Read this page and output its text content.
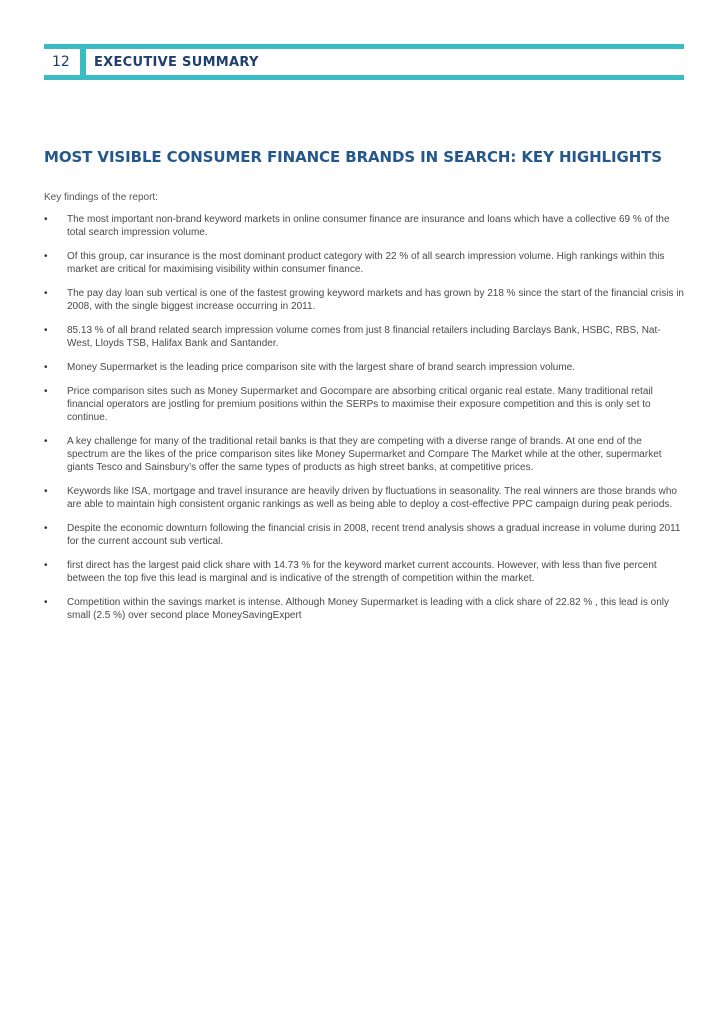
12 EXECUTIVE SUMMARY
MOST VISIBLE CONSUMER FINANCE BRANDS IN SEARCH: KEY HIGHLIGHTS
Key findings of the report:
• The most important non-brand keyword markets in online consumer finance are insurance and loans which have a collective 69 % of the total search impression volume.
• Of this group, car insurance is the most dominant product category with 22 % of all search impression volume. High rankings within this market are critical for maximising visibility within consumer finance.
• The pay day loan sub vertical is one of the fastest growing keyword markets and has grown by 218 % since the start of the financial crisis in 2008, with the single biggest increase occurring in 2011.
• 85.13 % of all brand related search impression volume comes from just 8 financial retailers including Barclays Bank, HSBC, RBS, Nat-West, Lloyds TSB, Halifax Bank and Santander.
• Money Supermarket is the leading price comparison site with the largest share of brand search impression volume.
• Price comparison sites such as Money Supermarket and Gocompare are absorbing critical organic real estate. Many traditional retail financial operators are jostling for premium positions within the SERPs to maximise their exposure competition and this is only set to continue.
• A key challenge for many of the traditional retail banks is that they are competing with a diverse range of brands. At one end of the spectrum are the likes of the price comparison sites like Money Supermarket and Compare The Market while at the other, supermarket giants Tesco and Sainsbury’s offer the same types of products as high street banks, at competitive prices.
• Keywords like ISA, mortgage and travel insurance are heavily driven by fluctuations in seasonality. The real winners are those brands who are able to maintain high consistent organic rankings as well as being able to deploy a cost-effective PPC campaign during peak periods.
• Despite the economic downturn following the financial crisis in 2008, recent trend analysis shows a gradual increase in volume during 2011 for the current account sub vertical.
• first direct has the largest paid click share with 14.73 % for the keyword market current accounts. However, with less than five percent between the top five this lead is marginal and is indicative of the strength of competition within the market.
• Competition within the savings market is intense. Although Money Supermarket is leading with a click share of 22.82 % , this lead is only small (2.5 %) over second place MoneySavingExpert
